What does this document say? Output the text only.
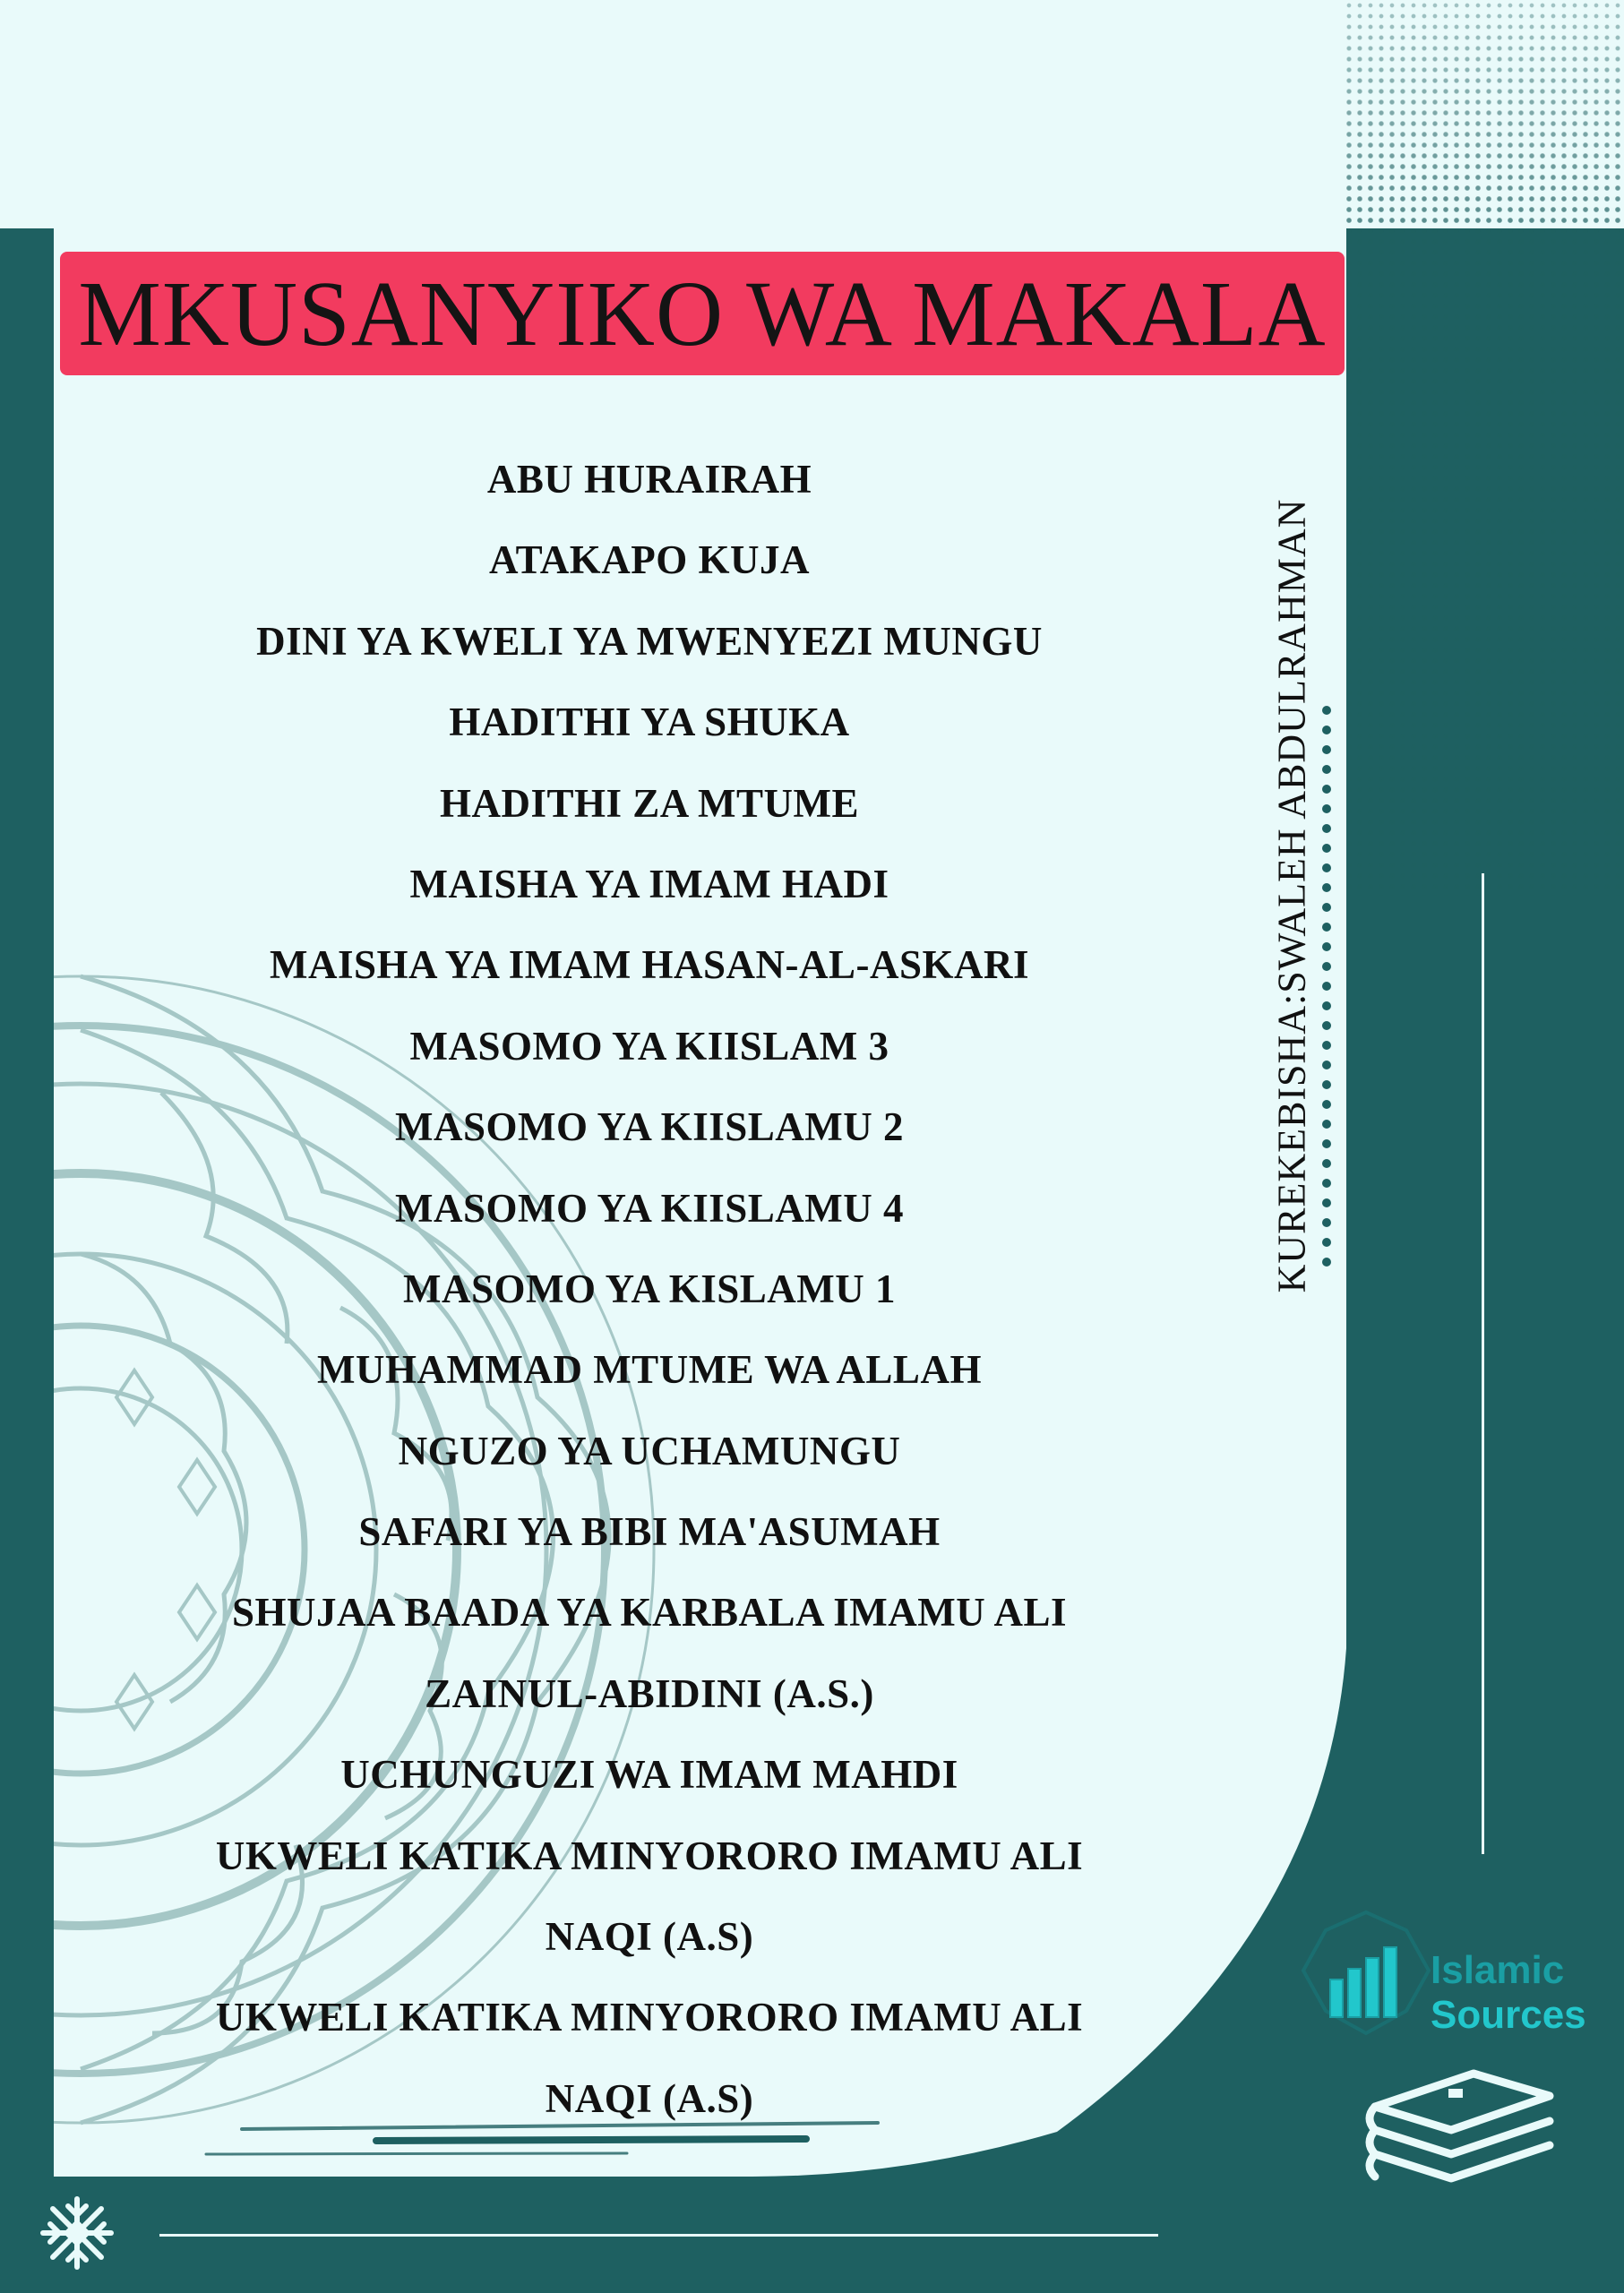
MKUSANYIKO WA MAKALA
ABU HURAIRAH
ATAKAPO KUJA
DINI YA KWELI YA MWENYEZI MUNGU
HADITHI YA SHUKA
HADITHI ZA MTUME
MAISHA YA IMAM HADI
MAISHA YA IMAM HASAN-AL-ASKARI
MASOMO YA KIISLAM 3
MASOMO YA KIISLAMU 2
MASOMO YA KIISLAMU 4
MASOMO YA KISLAMU 1
MUHAMMAD MTUME WA ALLAH
NGUZO YA UCHAMUNGU
SAFARI YA BIBI MA'ASUMAH
SHUJAA BAADA YA KARBALA IMAMU ALI
ZAINUL-ABIDINI (A.S.)
UCHUNGUZI WA IMAM MAHDI
UKWELI KATIKA MINYORORO IMAMU ALI
NAQI (A.S)
UKWELI KATIKA MINYORORO IMAMU ALI
NAQI (A.S)
KUREKEBISHA:SWALEH ABDULRAHMAN
Islamic
Sources
